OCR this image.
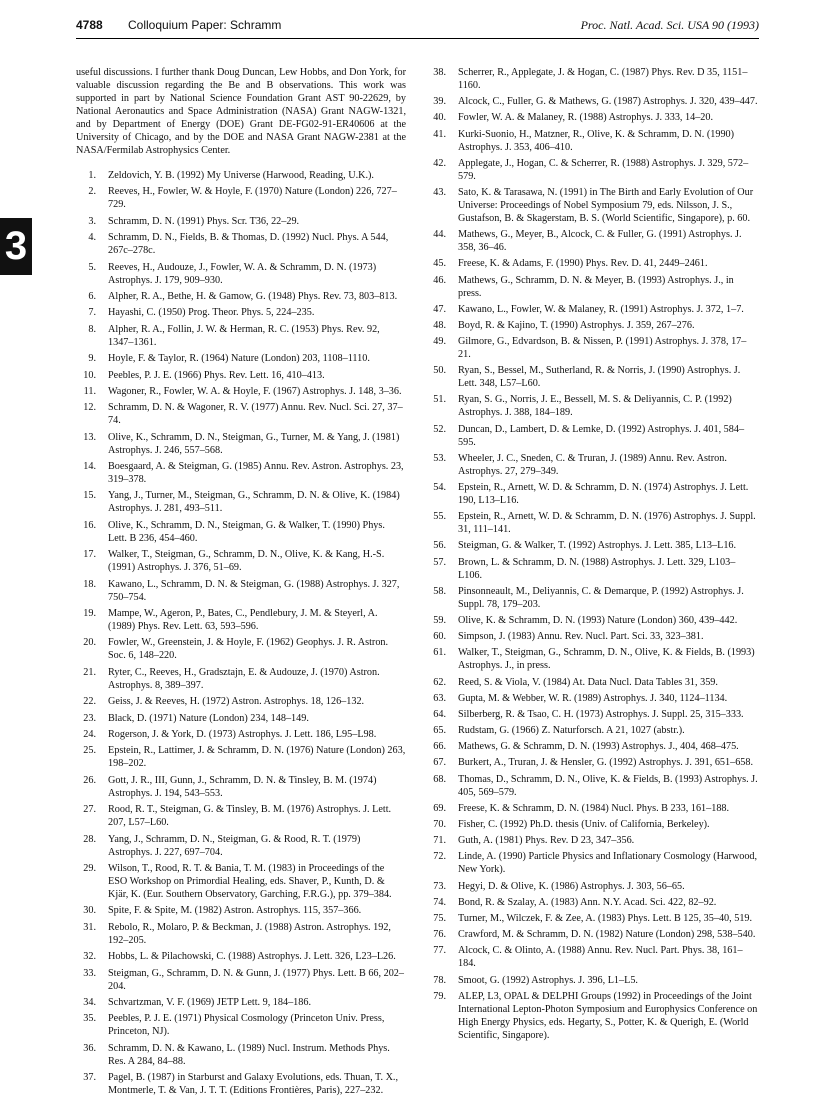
4788 Colloquium Paper: Schramm	Proc. Natl. Acad. Sci. USA 90 (1993)
3

useful discussions. I further thank Doug Duncan, Lew Hobbs, and Don York, for valuable discussion regarding the Be and B observations. This work was supported in part by National Science Foundation Grant AST 90-22629, by National Aeronautics and Space Administration (NASA) Grant NAGW-1321, and by Department of Energy (DOE) Grant DE-FG02-91-ER40606 at the University of Chicago, and by the DOE and NASA Grant NAGW-2381 at the NASA/Fermilab Astrophysics Center.

1. Zeldovich, Y. B. (1992) My Universe (Harwood, Reading, U.K.).
2. Reeves, H., Fowler, W. & Hoyle, F. (1970) Nature (London) 226, 727–729.
3. Schramm, D. N. (1991) Phys. Scr. T36, 22–29.
4. Schramm, D. N., Fields, B. & Thomas, D. (1992) Nucl. Phys. A 544, 267c–278c.
5. Reeves, H., Audouze, J., Fowler, W. A. & Schramm, D. N. (1973) Astrophys. J. 179, 909–930.
6. Alpher, R. A., Bethe, H. & Gamow, G. (1948) Phys. Rev. 73, 803–813.
7. Hayashi, C. (1950) Prog. Theor. Phys. 5, 224–235.
8. Alpher, R. A., Follin, J. W. & Herman, R. C. (1953) Phys. Rev. 92, 1347–1361.
9. Hoyle, F. & Taylor, R. (1964) Nature (London) 203, 1108–1110.
10. Peebles, P. J. E. (1966) Phys. Rev. Lett. 16, 410–413.
11. Wagoner, R., Fowler, W. A. & Hoyle, F. (1967) Astrophys. J. 148, 3–36.
12. Schramm, D. N. & Wagoner, R. V. (1977) Annu. Rev. Nucl. Sci. 27, 37–74.
13. Olive, K., Schramm, D. N., Steigman, G., Turner, M. & Yang, J. (1981) Astrophys. J. 246, 557–568.
14. Boesgaard, A. & Steigman, G. (1985) Annu. Rev. Astron. Astrophys. 23, 319–378.
15. Yang, J., Turner, M., Steigman, G., Schramm, D. N. & Olive, K. (1984) Astrophys. J. 281, 493–511.
16. Olive, K., Schramm, D. N., Steigman, G. & Walker, T. (1990) Phys. Lett. B 236, 454–460.
17. Walker, T., Steigman, G., Schramm, D. N., Olive, K. & Kang, H.-S. (1991) Astrophys. J. 376, 51–69.
18. Kawano, L., Schramm, D. N. & Steigman, G. (1988) Astrophys. J. 327, 750–754.
19. Mampe, W., Ageron, P., Bates, C., Pendlebury, J. M. & Steyerl, A. (1989) Phys. Rev. Lett. 63, 593–596.
20. Fowler, W., Greenstein, J. & Hoyle, F. (1962) Geophys. J. R. Astron. Soc. 6, 148–220.
21. Ryter, C., Reeves, H., Gradsztajn, E. & Audouze, J. (1970) Astron. Astrophys. 8, 389–397.
22. Geiss, J. & Reeves, H. (1972) Astron. Astrophys. 18, 126–132.
23. Black, D. (1971) Nature (London) 234, 148–149.
24. Rogerson, J. & York, D. (1973) Astrophys. J. Lett. 186, L95–L98.
25. Epstein, R., Lattimer, J. & Schramm, D. N. (1976) Nature (London) 263, 198–202.
26. Gott, J. R., III, Gunn, J., Schramm, D. N. & Tinsley, B. M. (1974) Astrophys. J. 194, 543–553.
27. Rood, R. T., Steigman, G. & Tinsley, B. M. (1976) Astrophys. J. Lett. 207, L57–L60.
28. Yang, J., Schramm, D. N., Steigman, G. & Rood, R. T. (1979) Astrophys. J. 227, 697–704.
29. Wilson, T., Rood, R. T. & Bania, T. M. (1983) in Proceedings of the ESO Workshop on Primordial Healing, eds. Shaver, P., Kunth, D. & Kjär, K. (Eur. Southern Observatory, Garching, F.R.G.), pp. 379–384.
30. Spite, F. & Spite, M. (1982) Astron. Astrophys. 115, 357–366.
31. Rebolo, R., Molaro, P. & Beckman, J. (1988) Astron. Astrophys. 192, 192–205.
32. Hobbs, L. & Pilachowski, C. (1988) Astrophys. J. Lett. 326, L23–L26.
33. Steigman, G., Schramm, D. N. & Gunn, J. (1977) Phys. Lett. B 66, 202–204.
34. Schvartzman, V. F. (1969) JETP Lett. 9, 184–186.
35. Peebles, P. J. E. (1971) Physical Cosmology (Princeton Univ. Press, Princeton, NJ).
36. Schramm, D. N. & Kawano, L. (1989) Nucl. Instrum. Methods Phys. Res. A 284, 84–88.
37. Pagel, B. (1987) in Starburst and Galaxy Evolutions, eds. Thuan, T. X., Montmerle, T. & Van, J. T. T. (Editions Frontières, Paris), 227–232.
38. Scherrer, R., Applegate, J. & Hogan, C. (1987) Phys. Rev. D 35, 1151–1160.
39. Alcock, C., Fuller, G. & Mathews, G. (1987) Astrophys. J. 320, 439–447.
40. Fowler, W. A. & Malaney, R. (1988) Astrophys. J. 333, 14–20.
41. Kurki-Suonio, H., Matzner, R., Olive, K. & Schramm, D. N. (1990) Astrophys. J. 353, 406–410.
42. Applegate, J., Hogan, C. & Scherrer, R. (1988) Astrophys. J. 329, 572–579.
43. Sato, K. & Tarasawa, N. (1991) in The Birth and Early Evolution of Our Universe: Proceedings of Nobel Symposium 79, eds. Nilsson, J. S., Gustafson, B. & Skagerstam, B. S. (World Scientific, Singapore), p. 60.
44. Mathews, G., Meyer, B., Alcock, C. & Fuller, G. (1991) Astrophys. J. 358, 36–46.
45. Freese, K. & Adams, F. (1990) Phys. Rev. D. 41, 2449–2461.
46. Mathews, G., Schramm, D. N. & Meyer, B. (1993) Astrophys. J., in press.
47. Kawano, L., Fowler, W. & Malaney, R. (1991) Astrophys. J. 372, 1–7.
48. Boyd, R. & Kajino, T. (1990) Astrophys. J. 359, 267–276.
49. Gilmore, G., Edvardson, B. & Nissen, P. (1991) Astrophys. J. 378, 17–21.
50. Ryan, S., Bessel, M., Sutherland, R. & Norris, J. (1990) Astrophys. J. Lett. 348, L57–L60.
51. Ryan, S. G., Norris, J. E., Bessell, M. S. & Deliyannis, C. P. (1992) Astrophys. J. 388, 184–189.
52. Duncan, D., Lambert, D. & Lemke, D. (1992) Astrophys. J. 401, 584–595.
53. Wheeler, J. C., Sneden, C. & Truran, J. (1989) Annu. Rev. Astron. Astrophys. 27, 279–349.
54. Epstein, R., Arnett, W. D. & Schramm, D. N. (1974) Astrophys. J. Lett. 190, L13–L16.
55. Epstein, R., Arnett, W. D. & Schramm, D. N. (1976) Astrophys. J. Suppl. 31, 111–141.
56. Steigman, G. & Walker, T. (1992) Astrophys. J. Lett. 385, L13–L16.
57. Brown, L. & Schramm, D. N. (1988) Astrophys. J. Lett. 329, L103–L106.
58. Pinsonneault, M., Deliyannis, C. & Demarque, P. (1992) Astrophys. J. Suppl. 78, 179–203.
59. Olive, K. & Schramm, D. N. (1993) Nature (London) 360, 439–442.
60. Simpson, J. (1983) Annu. Rev. Nucl. Part. Sci. 33, 323–381.
61. Walker, T., Steigman, G., Schramm, D. N., Olive, K. & Fields, B. (1993) Astrophys. J., in press.
62. Reed, S. & Viola, V. (1984) At. Data Nucl. Data Tables 31, 359.
63. Gupta, M. & Webber, W. R. (1989) Astrophys. J. 340, 1124–1134.
64. Silberberg, R. & Tsao, C. H. (1973) Astrophys. J. Suppl. 25, 315–333.
65. Rudstam, G. (1966) Z. Naturforsch. A 21, 1027 (abstr.).
66. Mathews, G. & Schramm, D. N. (1993) Astrophys. J., 404, 468–475.
67. Burkert, A., Truran, J. & Hensler, G. (1992) Astrophys. J. 391, 651–658.
68. Thomas, D., Schramm, D. N., Olive, K. & Fields, B. (1993) Astrophys. J. 405, 569–579.
69. Freese, K. & Schramm, D. N. (1984) Nucl. Phys. B 233, 161–188.
70. Fisher, C. (1992) Ph.D. thesis (Univ. of California, Berkeley).
71. Guth, A. (1981) Phys. Rev. D 23, 347–356.
72. Linde, A. (1990) Particle Physics and Inflationary Cosmology (Harwood, New York).
73. Hegyi, D. & Olive, K. (1986) Astrophys. J. 303, 56–65.
74. Bond, R. & Szalay, A. (1983) Ann. N.Y. Acad. Sci. 422, 82–92.
75. Turner, M., Wilczek, F. & Zee, A. (1983) Phys. Lett. B 125, 35–40, 519.
76. Crawford, M. & Schramm, D. N. (1982) Nature (London) 298, 538–540.
77. Alcock, C. & Olinto, A. (1988) Annu. Rev. Nucl. Part. Phys. 38, 161–184.
78. Smoot, G. (1992) Astrophys. J. 396, L1–L5.
79. ALEP, L3, OPAL & DELPHI Groups (1992) in Proceedings of the Joint International Lepton-Photon Symposium and Europhysics Conference on High Energy Physics, eds. Hegarty, S., Potter, K. & Querigh, E. (World Scientific, Singapore).
